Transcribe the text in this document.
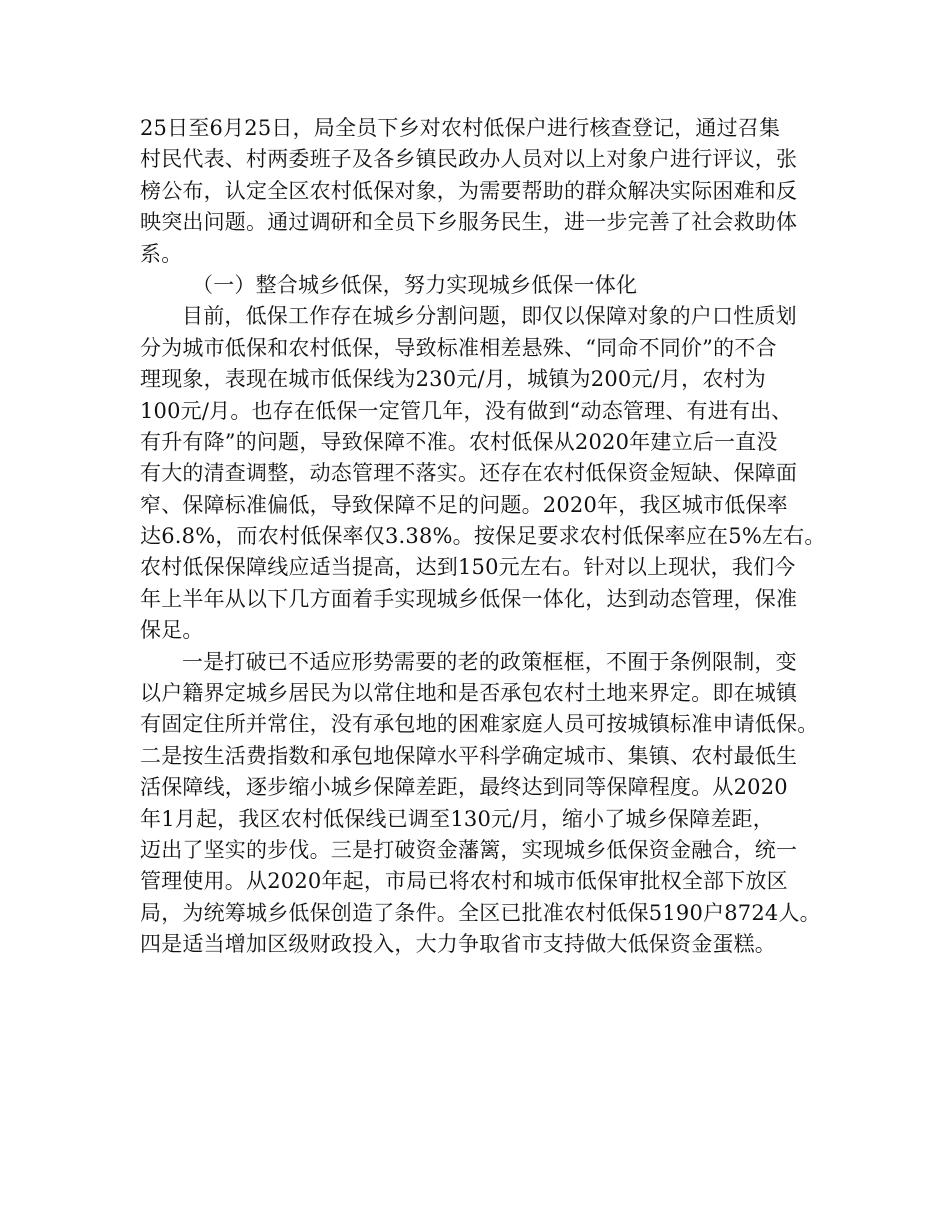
25日至6月25日，局全员下乡对农村低保户进行核查登记，通过召集
村民代表、村两委班子及各乡镇民政办人员对以上对象户进行评议，张
榜公布，认定全区农村低保对象，为需要帮助的群众解决实际困难和反
映突出问题。通过调研和全员下乡服务民生，进一步完善了社会救助体
系。
（一）整合城乡低保，努力实现城乡低保一体化
目前，低保工作存在城乡分割问题，即仅以保障对象的户口性质划
分为城市低保和农村低保，导致标准相差悬殊、“同命不同价”的不合
理现象，表现在城市低保线为230元/月，城镇为200元/月，农村为
100元/月。也存在低保一定管几年，没有做到“动态管理、有进有出、
有升有降”的问题，导致保障不准。农村低保从2020年建立后一直没
有大的清查调整，动态管理不落实。还存在农村低保资金短缺、保障面
窄、保障标准偏低，导致保障不足的问题。2020年，我区城市低保率
达6.8%，而农村低保率仅3.38%。按保足要求农村低保率应在5%左右。
农村低保保障线应适当提高，达到150元左右。针对以上现状，我们今
年上半年从以下几方面着手实现城乡低保一体化，达到动态管理，保准
保足。
一是打破已不适应形势需要的老的政策框框，不囿于条例限制，变
以户籍界定城乡居民为以常住地和是否承包农村土地来界定。即在城镇
有固定住所并常住，没有承包地的困难家庭人员可按城镇标准申请低保。
二是按生活费指数和承包地保障水平科学确定城市、集镇、农村最低生
活保障线，逐步缩小城乡保障差距，最终达到同等保障程度。从2020
年1月起，我区农村低保线已调至130元/月，缩小了城乡保障差距，
迈出了坚实的步伐。三是打破资金藩篱，实现城乡低保资金融合，统一
管理使用。从2020年起，市局已将农村和城市低保审批权全部下放区
局，为统筹城乡低保创造了条件。全区已批准农村低保5190户8724人。
四是适当增加区级财政投入，大力争取省市支持做大低保资金蛋糕。
